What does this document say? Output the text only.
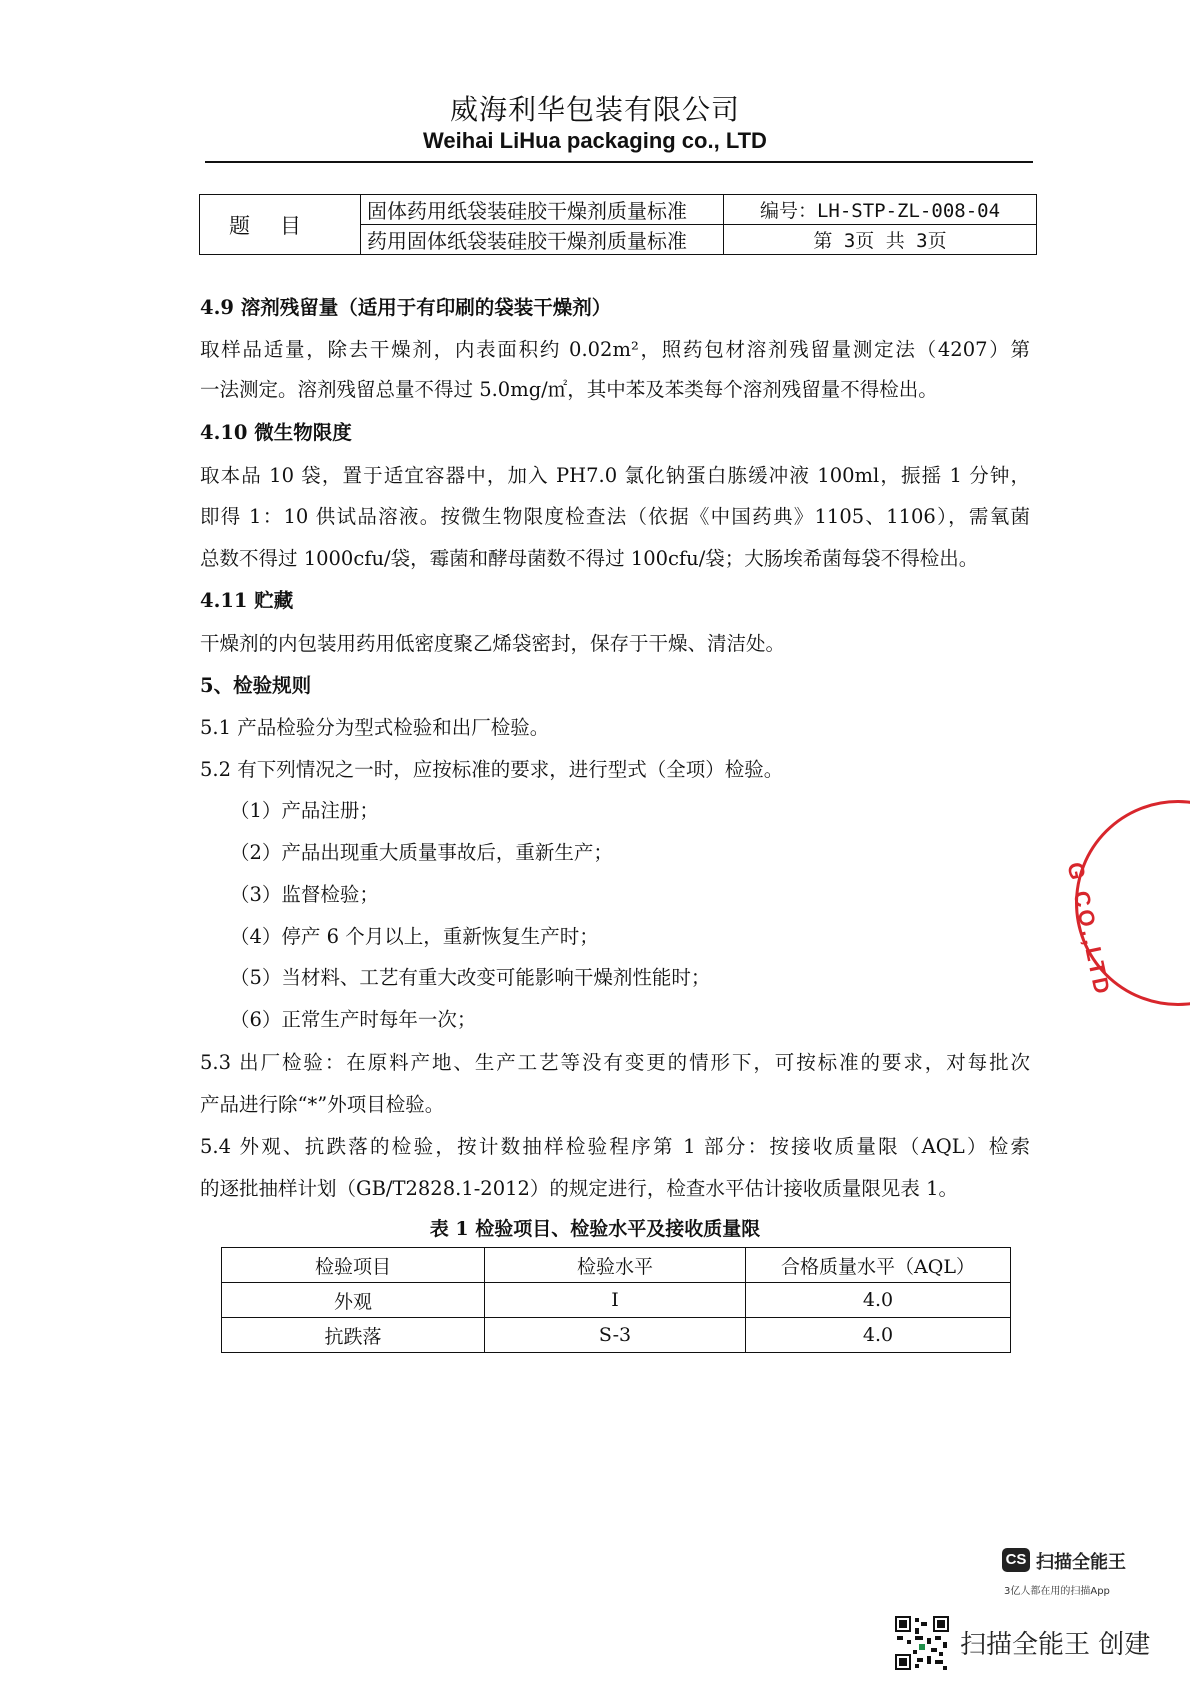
威海利华包装有限公司
Weihai LiHua packaging co., LTD
题目	固体药用纸袋装硅胶干燥剂质量标准	编号：LH-STP-ZL-008-04
	药用固体纸袋装硅胶干燥剂质量标准	第 3页 共 3页
4.9 溶剂残留量（适用于有印刷的袋装干燥剂）
取样品适量，除去干燥剂，内表面积约 0.02m²，照药包材溶剂残留量测定法（4207）第
一法测定。溶剂残留总量不得过 5.0mg/㎡，其中苯及苯类每个溶剂残留量不得检出。
4.10 微生物限度
取本品 10 袋，置于适宜容器中，加入 PH7.0 氯化钠蛋白胨缓冲液 100ml，振摇 1 分钟，
即得 1：10 供试品溶液。按微生物限度检查法（依据《中国药典》1105、1106），需氧菌
总数不得过 1000cfu/袋，霉菌和酵母菌数不得过 100cfu/袋；大肠埃希菌每袋不得检出。
4.11 贮藏
干燥剂的内包装用药用低密度聚乙烯袋密封，保存于干燥、清洁处。
5、检验规则
5.1 产品检验分为型式检验和出厂检验。
5.2 有下列情况之一时，应按标准的要求，进行型式（全项）检验。
（1）产品注册；
（2）产品出现重大质量事故后，重新生产；
（3）监督检验；
（4）停产 6 个月以上，重新恢复生产时；
（5）当材料、工艺有重大改变可能影响干燥剂性能时；
（6）正常生产时每年一次；
5.3 出厂检验：在原料产地、生产工艺等没有变更的情形下，可按标准的要求，对每批次
产品进行除“*”外项目检验。
5.4 外观、抗跌落的检验，按计数抽样检验程序第 1 部分：按接收质量限（AQL）检索
的逐批抽样计划（GB/T2828.1-2012）的规定进行，检查水平估计接收质量限见表 1。
表 1 检验项目、检验水平及接收质量限
检验项目	检验水平	合格质量水平（AQL）
外观	I	4.0
抗跌落	S-3	4.0
G CO.,LTD
CS 扫描全能王
3亿人都在用的扫描App
扫描全能王 创建
